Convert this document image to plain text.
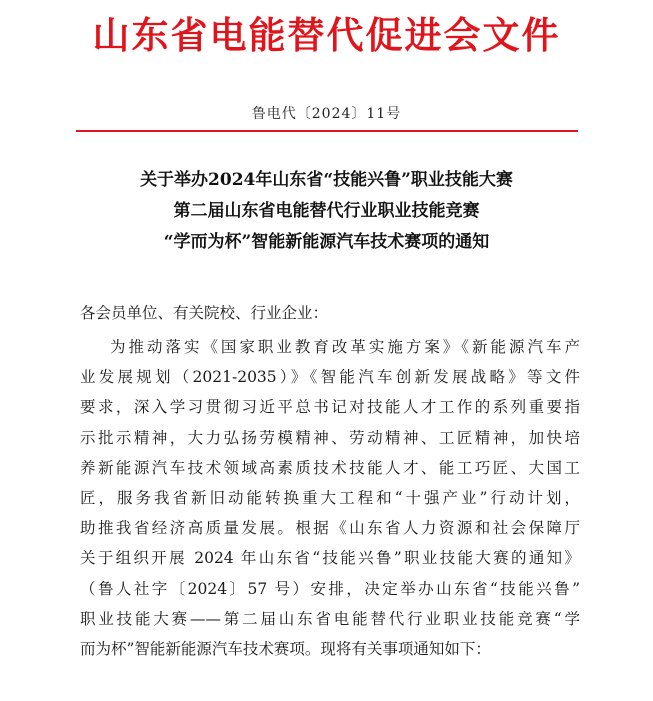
山东省电能替代促进会文件
鲁电代〔2024〕11号
关于举办2024年山东省“技能兴鲁”职业技能大赛
第二届山东省电能替代行业职业技能竞赛
“学而为杯”智能新能源汽车技术赛项的通知
各会员单位、有关院校、行业企业：
为推动落实《国家职业教育改革实施方案》《新能源汽车产
业发展规划（2021-2035）》《智能汽车创新发展战略》等文件
要求，深入学习贯彻习近平总书记对技能人才工作的系列重要指
示批示精神，大力弘扬劳模精神、劳动精神、工匠精神，加快培
养新能源汽车技术领域高素质技术技能人才、能工巧匠、大国工
匠，服务我省新旧动能转换重大工程和“十强产业”行动计划，
助推我省经济高质量发展。根据《山东省人力资源和社会保障厅
关于组织开展 2024 年山东省“技能兴鲁”职业技能大赛的通知》
（鲁人社字〔2024〕57 号）安排，决定举办山东省“技能兴鲁”
职业技能大赛——第二届山东省电能替代行业职业技能竞赛“学
而为杯”智能新能源汽车技术赛项。现将有关事项通知如下：
